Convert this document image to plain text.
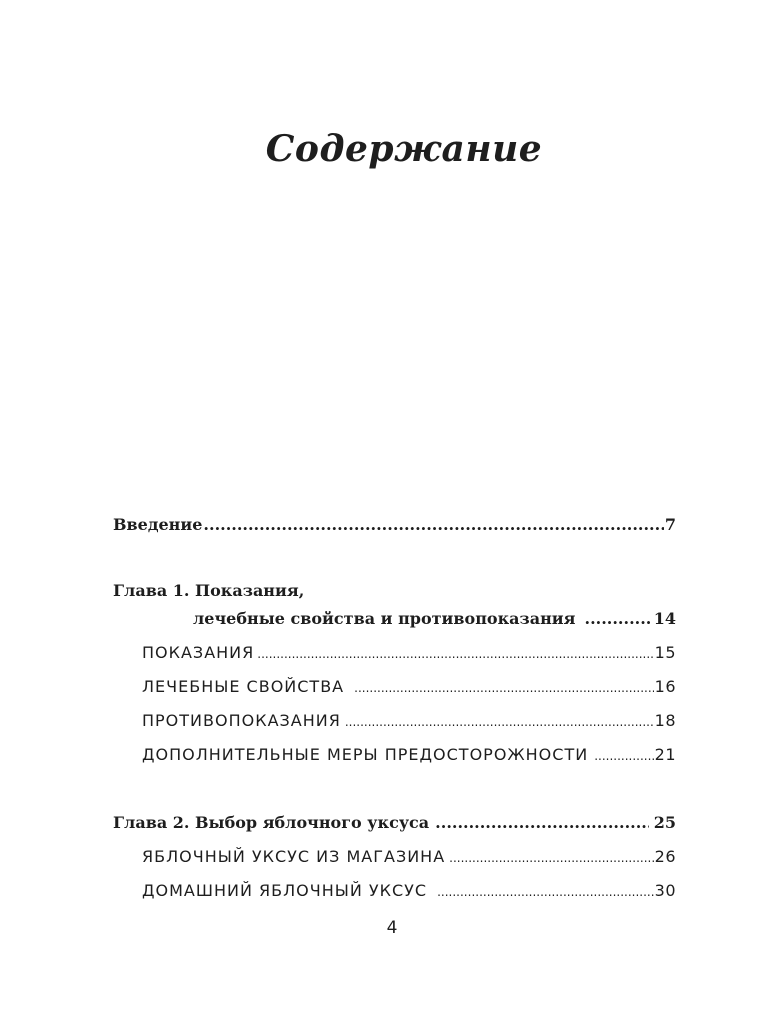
Содержание
Введение .....	7
Глава 1. Показания,
лечебные свойства и противопоказания .....	14
ПОКАЗАНИЯ .....	15
ЛЕЧЕБНЫЕ СВОЙСТВА .....	16
ПРОТИВОПОКАЗАНИЯ .....	18
ДОПОЛНИТЕЛЬНЫЕ МЕРЫ ПРЕДОСТОРОЖНОСТИ .....	21
Глава 2. Выбор яблочного уксуса .....	25
ЯБЛОЧНЫЙ УКСУС ИЗ МАГАЗИНА .....	26
ДОМАШНИЙ ЯБЛОЧНЫЙ УКСУС .....	30
4
